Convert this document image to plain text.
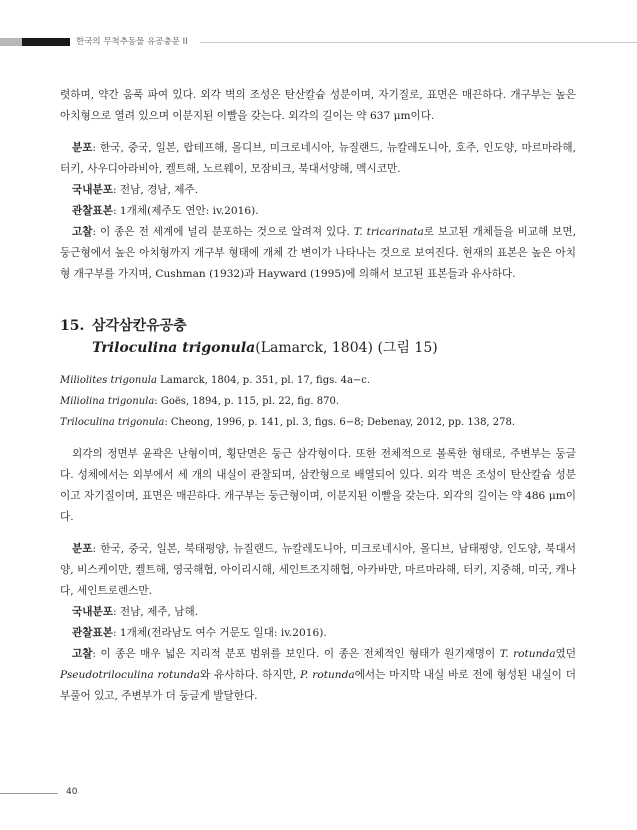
한국의 무척추동물 유공충문 II

렷하며, 약간 움푹 파여 있다. 외각 벽의 조성은 탄산칼슘 성분이며, 자기질로, 표면은 매끈하다. 개구부는 높은 아치형으로 열려 있으며 이분지된 이빨을 갖는다. 외각의 길이는 약 637 μm이다.

분포: 한국, 중국, 일본, 랍테프해, 몰디브, 미크로네시아, 뉴질랜드, 뉴칼레도니아, 호주, 인도양, 마르마라해, 터키, 사우디아라비아, 켈트해, 노르웨이, 모잠비크, 북대서양해, 멕시코만.

국내분포: 전남, 경남, 제주.

관찰표본: 1개체(제주도 연안: iv.2016).

고찰: 이 종은 전 세계에 널리 분포하는 것으로 알려져 있다. T. tricarinata로 보고된 개체들을 비교해 보면, 둥근형에서 높은 아치형까지 개구부 형태에 개체 간 변이가 나타나는 것으로 보여진다. 현재의 표본은 높은 아치형 개구부를 가지며, Cushman (1932)과 Hayward (1995)에 의해서 보고된 표본들과 유사하다.

15. 삼각삼칸유공충
Triloculina trigonula(Lamarck, 1804) (그림 15)

Miliolites trigonula Lamarck, 1804, p. 351, pl. 17, figs. 4a−c.

Miliolina trigonula: Goës, 1894, p. 115, pl. 22, fig. 870.

Triloculina trigonula: Cheong, 1996, p. 141, pl. 3, figs. 6−8; Debenay, 2012, pp. 138, 278.

외각의 정면부 윤곽은 난형이며, 횡단면은 둥근 삼각형이다. 또한 전체적으로 볼록한 형태로, 주변부는 둥글다. 성체에서는 외부에서 세 개의 내실이 관찰되며, 삼칸형으로 배열되어 있다. 외각 벽은 조성이 탄산칼슘 성분이고 자기질이며, 표면은 매끈하다. 개구부는 둥근형이며, 이분지된 이빨을 갖는다. 외각의 길이는 약 486 μm이다.

분포: 한국, 중국, 일본, 북태평양, 뉴질랜드, 뉴칼레도니아, 미크로네시아, 몰디브, 남태평양, 인도양, 북대서양, 비스케이만, 켈트해, 영국해협, 아이리시해, 세인트조지해협, 아카바만, 마르마라해, 터키, 지중해, 미국, 캐나다, 세인트로렌스만.

국내분포: 전남, 제주, 남해.

관찰표본: 1개체(전라남도 여수 거문도 일대: iv.2016).

고찰: 이 종은 매우 넓은 지리적 분포 범위를 보인다. 이 종은 전체적인 형태가 원기재명이 T. rotunda였던 Pseudotriloculina rotunda와 유사하다. 하지만, P. rotunda에서는 마지막 내실 바로 전에 형성된 내실이 더 부풀어 있고, 주변부가 더 둥글게 발달한다.

40
